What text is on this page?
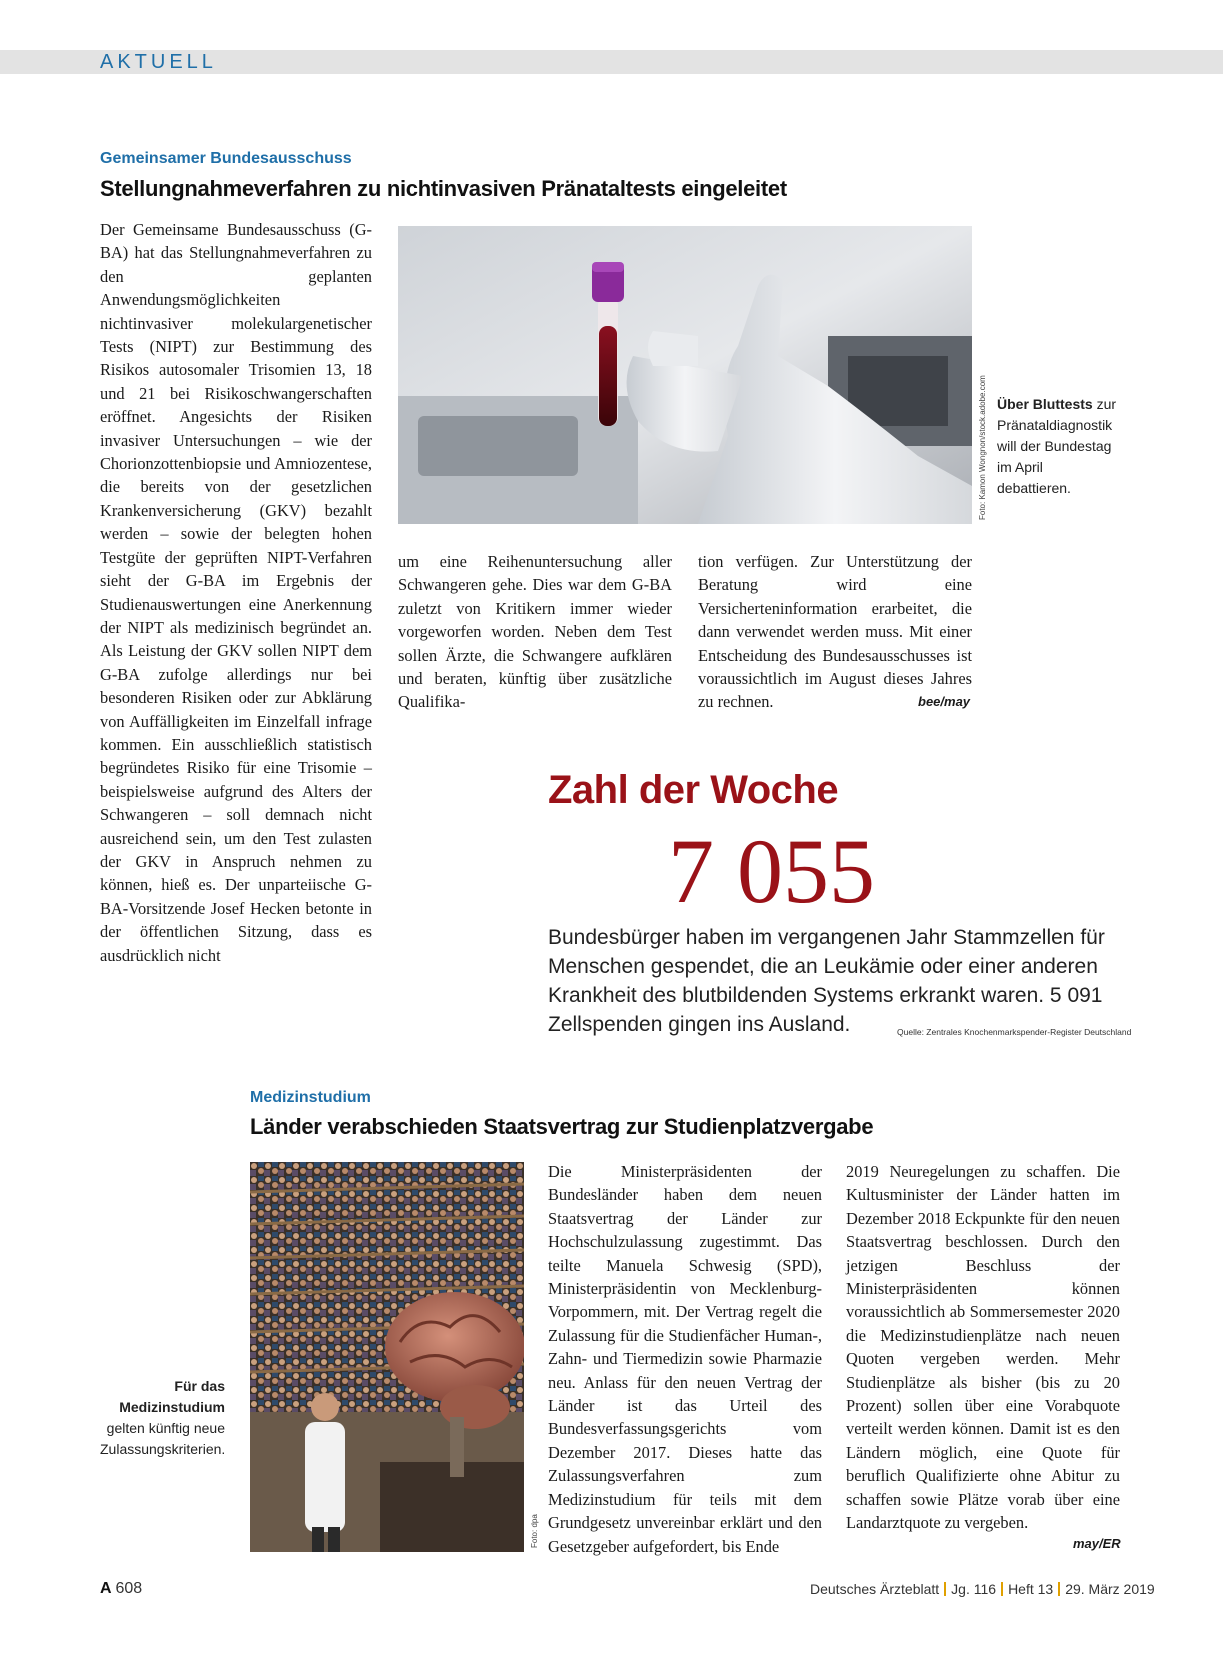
AKTUELL
Gemeinsamer Bundesausschuss
Stellungnahmeverfahren zu nichtinvasiven Pränataltests eingeleitet
Der Gemeinsame Bundesausschuss (G-BA) hat das Stellungnahmeverfahren zu den geplanten Anwendungsmöglichkeiten nichtinvasiver molekulargenetischer Tests (NIPT) zur Bestimmung des Risikos autosomaler Trisomien 13, 18 und 21 bei Risikoschwangerschaften eröffnet. Angesichts der Risiken invasiver Untersuchungen – wie der Chorionzottenbiopsie und Amniozentese, die bereits von der gesetzlichen Krankenversicherung (GKV) bezahlt werden – sowie der belegten hohen Testgüte der geprüften NIPT-Verfahren sieht der G-BA im Ergebnis der Studienauswertungen eine Anerkennung der NIPT als medizinisch begründet an. Als Leistung der GKV sollen NIPT dem G-BA zufolge allerdings nur bei besonderen Risiken oder zur Abklärung von Auffälligkeiten im Einzelfall infrage kommen. Ein ausschließlich statistisch begründetes Risiko für eine Trisomie – beispielsweise aufgrund des Alters der Schwangeren – soll demnach nicht ausreichend sein, um den Test zulasten der GKV in Anspruch nehmen zu können, hieß es. Der unparteiische G-BA-Vorsitzende Josef Hecken betonte in der öffentlichen Sitzung, dass es ausdrücklich nicht
Foto: Kamon Wongnon/stock.adobe.com Über Bluttests zur Pränataldiagnostik will der Bundestag im April debattieren.
um eine Reihenuntersuchung aller Schwangeren gehe. Dies war dem G-BA zuletzt von Kritikern immer wieder vorgeworfen worden. Neben dem Test sollen Ärzte, die Schwangere aufklären und beraten, künftig über zusätzliche Qualifika-
tion verfügen. Zur Unterstützung der Beratung wird eine Versicherteninformation erarbeitet, die dann verwendet werden muss. Mit einer Entscheidung des Bundesausschusses ist voraussichtlich im August dieses Jahres zu rechnen.	bee/may
Zahl der Woche
7 055
Bundesbürger haben im vergangenen Jahr Stammzellen für Menschen gespendet, die an Leukämie oder einer anderen Krankheit des blutbildenden Systems erkrankt waren. 5 091 Zellspenden gingen ins Ausland.	Quelle: Zentrales Knochenmarkspender-Register Deutschland
Medizinstudium
Länder verabschieden Staatsvertrag zur Studienplatzvergabe
Für das Medizinstudium gelten künftig neue Zulassungskriterien.
Foto: dpa
Die Ministerpräsidenten der Bundesländer haben dem neuen Staatsvertrag der Länder zur Hochschulzulassung zugestimmt. Das teilte Manuela Schwesig (SPD), Ministerpräsidentin von Mecklenburg-Vorpommern, mit. Der Vertrag regelt die Zulassung für die Studienfächer Human-, Zahn- und Tiermedizin sowie Pharmazie neu. Anlass für den neuen Vertrag der Länder ist das Urteil des Bundesverfassungsgerichts vom Dezember 2017. Dieses hatte das Zulassungsverfahren zum Medizinstudium für teils mit dem Grundgesetz unvereinbar erklärt und den Gesetzgeber aufgefordert, bis Ende
2019 Neuregelungen zu schaffen. Die Kultusminister der Länder hatten im Dezember 2018 Eckpunkte für den neuen Staatsvertrag beschlossen. Durch den jetzigen Beschluss der Ministerpräsidenten können voraussichtlich ab Sommersemester 2020 die Medizinstudienplätze nach neuen Quoten vergeben werden. Mehr Studienplätze als bisher (bis zu 20 Prozent) sollen über eine Vorabquote verteilt werden können. Damit ist es den Ländern möglich, eine Quote für beruflich Qualifizierte ohne Abitur zu schaffen sowie Plätze vorab über eine Landarztquote zu vergeben.
may/ER
A 608	Deutsches Ärzteblatt Jg. 116 Heft 13 29. März 2019
